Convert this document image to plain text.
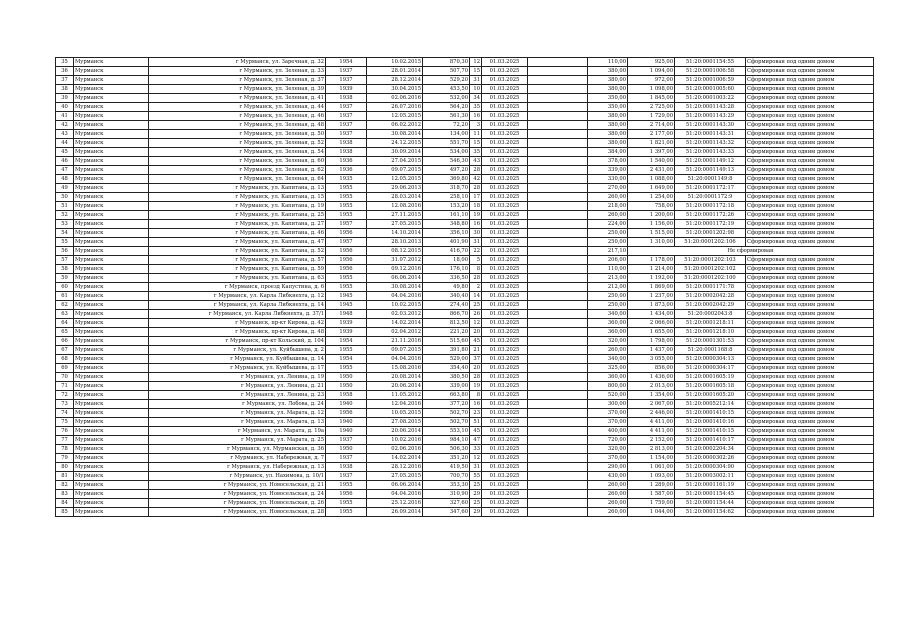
35	Мурманск	г Мурманск, ул. Заречная, д. 32	1954	10.02.2015	870,30	12	01.03.2025		110,00	925,00	51:20:0001154:55	Сформирован под одним домом
36	Мурманск	г Мурманск, ул. Зеленая, д. 33	1937	28.01.2014	507,70	15	01.03.2025		380,00	1 094,00	51:20:0001006:58	Сформирован под одним домом
37	Мурманск	г Мурманск, ул. Зеленая, д. 37	1937	28.12.2014	529,20	31	01.03.2025		380,00	972,00	51:20:0001006:59	Сформирован под одним домом
38	Мурманск	г Мурманск, ул. Зеленая, д. 39	1939	30.04.2015	453,50	10	01.03.2025		380,00	1 098,00	51:20:0001005:60	Сформирован под одним домом
39	Мурманск	г Мурманск, ул. Зеленая, д. 41	1938	02.06.2016	532,00	34	01.03.2025		350,00	1 845,00	51:20:0001003:22	Сформирован под одним домом
40	Мурманск	г Мурманск, ул. Зеленая, д. 44	1937	26.07.2016	564,20	35	01.03.2025		350,00	2 725,00	51:20:0001143:28	Сформирован под одним домом
41	Мурманск	г Мурманск, ул. Зеленая, д. 46	1937	12.05.2015	561,30	16	01.03.2025		380,00	1 729,00	51:20:0001143:29	Сформирован под одним домом
42	Мурманск	г Мурманск, ул. Зеленая, д. 48	1937	06.02.2012	72,20	3	01.03.2025		380,00	2 714,00	51:20:0001143:30	Сформирован под одним домом
43	Мурманск	г Мурманск, ул. Зеленая, д. 50	1937	30.08.2014	134,00	11	01.03.2025		380,00	2 177,00	51:20:0001143:31	Сформирован под одним домом
44	Мурманск	г Мурманск, ул. Зеленая, д. 52	1938	24.12.2015	551,70	15	01.03.2025		380,00	1 821,00	51:20:0001143:32	Сформирован под одним домом
45	Мурманск	г Мурманск, ул. Зеленая, д. 54	1938	30.09.2014	534,00	35	01.03.2025		384,00	1 397,00	51:20:0001143:33	Сформирован под одним домом
46	Мурманск	г Мурманск, ул. Зеленая, д. 60	1936	27.04.2015	546,30	43	01.03.2025		378,00	1 540,00	51:20:0001149:12	Сформирован под одним домом
47	Мурманск	г Мурманск, ул. Зеленая, д. 62	1936	09.07.2015	497,20	28	01.03.2025		339,00	2 431,00	51:20:0001149:13	Сформирован под одним домом
48	Мурманск	г Мурманск, ул. Зеленая, д. 64	1935	12.05.2015	369,80	42	01.03.2025		330,00	1 088,00	51:20:0001149:8	Сформирован под одним домом
49	Мурманск	г Мурманск, ул. Капитана, д. 13	1955	29.06.2013	318,70	28	01.03.2025		270,00	1 649,00	51:20:0001172:17	Сформирован под одним домом
50	Мурманск	г Мурманск, ул. Капитана, д. 15	1955	28.03.2014	258,10	17	01.03.2025		260,00	1 254,00	51:20:0001172:9	Сформирован под одним домом
51	Мурманск	г Мурманск, ул. Капитана, д. 19	1955	12.08.2016	153,20	18	01.03.2025		218,00	758,00	51:20:0001172:18	Сформирован под одним домом
52	Мурманск	г Мурманск, ул. Капитана, д. 25	1955	27.11.2015	161,10	19	01.03.2025		260,00	1 200,00	51:20:0001172:26	Сформирован под одним домом
53	Мурманск	г Мурманск, ул. Капитана, д. 27	1957	27.05.2015	348,80	16	01.03.2025		224,00	1 156,00	51:20:0001172:19	Сформирован под одним домом
54	Мурманск	г Мурманск, ул. Капитана, д. 46	1956	14.10.2014	356,10	30	01.03.2025		250,00	1 515,00	51:20:0001202:98	Сформирован под одним домом
55	Мурманск	г Мурманск, ул. Капитана, д. 47	1957	28.10.2013	401,90	31	01.03.2025		250,00	1 310,00	51:20:0001202:106	Сформирован под одним домом
56	Мурманск	г Мурманск, ул. Капитана, д. 52	1956	08.12.2015	416,70	22	01.03.2025		217,10	Не сформирован		
57	Мурманск	г Мурманск, ул. Капитана, д. 57	1956	31.07.2012	18,00	5	01.03.2025		206,00	1 178,00	51:20:0001202:103	Сформирован под одним домом
58	Мурманск	г Мурманск, ул. Капитана, д. 59	1956	09.12.2016	176,10	8	01.03.2025		110,00	1 214,00	51:20:0001202:102	Сформирован под одним домом
59	Мурманск	г Мурманск, ул. Капитана, д. 63	1955	06.06.2014	336,50	28	01.03.2025		213,00	1 192,00	51:20:0001202:100	Сформирован под одним домом
60	Мурманск	г Мурманск, проезд Капустина, д. 6	1955	30.08.2014	49,80	2	01.03.2025		212,00	1 869,00	51:20:0001171:78	Сформирован под одним домом
61	Мурманск	г Мурманск, ул. Карла Либкнехта, д. 12	1945	04.04.2016	340,40	14	01.03.2025		250,00	1 237,00	51:20:0002042:28	Сформирован под одним домом
62	Мурманск	г Мурманск, ул. Карла Либкнехта, д. 14	1945	10.02.2015	274,40	25	01.03.2025		250,00	1 873,00	51:20:0002042:29	Сформирован под одним домом
63	Мурманск	г Мурманск, ул. Карла Либкнехта, д. 37/1	1948	02.03.2012	866,70	26	01.03.2025		340,00	1 434,00	51:20:0002043:8	Сформирован под одним домом
64	Мурманск	г Мурманск, пр-кт Кирова, д. 42	1939	14.02.2014	812,50	12	01.03.2025		360,00	2 066,00	51:20:0001218:11	Сформирован под одним домом
65	Мурманск	г Мурманск, пр-кт Кирова, д. 48	1939	02.04.2012	221,20	20	01.03.2025		360,00	1 655,00	51:20:0001218:10	Сформирован под одним домом
66	Мурманск	г Мурманск, пр-кт Кольский, д. 104	1954	21.11.2016	515,60	45	01.03.2025		320,00	1 798,00	51:20:0001301:53	Сформирован под одним домом
67	Мурманск	г Мурманск, ул. Куйбышева, д. 2	1955	09.07.2015	391,80	21	01.03.2025		260,00	1 437,00	51:20:0001168:8	Сформирован под одним домом
68	Мурманск	г Мурманск, ул. Куйбышева, д. 14	1954	04.04.2016	529,00	37	01.03.2025		340,00	3 055,00	51:20:0000304:13	Сформирован под одним домом
69	Мурманск	г Мурманск, ул. Куйбышева, д. 17	1955	15.08.2016	354,40	20	01.03.2025		325,00	856,00	51:20:0000304:17	Сформирован под одним домом
70	Мурманск	г Мурманск, ул. Ленина, д. 19	1950	20.08.2014	380,50	28	01.03.2025		360,00	1 436,00	51:20:0001605:19	Сформирован под одним домом
71	Мурманск	г Мурманск, ул. Ленина, д. 21	1950	20.06.2014	339,00	19	01.03.2025		800,00	2 013,00	51:20:0001605:18	Сформирован под одним домом
72	Мурманск	г Мурманск, ул. Ленина, д. 23	1958	11.05.2012	663,80	8	01.03.2025		520,00	1 354,00	51:20:0001605:20	Сформирован под одним домом
73	Мурманск	г Мурманск, ул. Лобова, д. 24	1940	12.04.2016	377,20	16	01.03.2025		300,00	2 067,00	51:20:0005212:14	Сформирован под одним домом
74	Мурманск	г Мурманск, ул. Марата, д. 12	1956	10.05.2015	502,70	23	01.03.2025		370,00	2 446,00	51:20:0001410:15	Сформирован под одним домом
75	Мурманск	г Мурманск, ул. Марата, д. 13	1940	27.08.2015	502,70	51	01.03.2025		370,00	4 411,00	51:20:0001410:16	Сформирован под одним домом
76	Мурманск	г Мурманск, ул. Марата, д. 19а	1940	20.06.2014	553,10	45	01.03.2025		400,00	4 411,00	51:20:0001410:15	Сформирован под одним домом
77	Мурманск	г Мурманск, ул. Марата, д. 25	1937	10.02.2016	984,10	47	01.03.2025		720,00	2 152,00	51:20:0001410:17	Сформирован под одним домом
78	Мурманск	г Мурманск, ул. Мурманская, д. 36	1950	02.06.2016	506,30	33	01.03.2025		320,00	2 813,00	51:20:0002204:34	Сформирован под одним домом
79	Мурманск	г Мурманск, ул. Набережная, д. 7	1937	14.02.2014	351,20	12	01.03.2025		370,00	1 154,00	51:20:0000302:26	Сформирован под одним домом
80	Мурманск	г Мурманск, ул. Набережная, д. 13	1938	28.12.2016	419,50	31	01.03.2025		290,00	1 061,00	51:20:0000304:90	Сформирован под одним домом
81	Мурманск	г Мурманск, ул. Нахимова, д. 10/1	1937	27.05.2015	700,70	55	01.03.2025		430,00	1 093,00	51:20:0003002:11	Сформирован под одним домом
82	Мурманск	г Мурманск, ул. Новосельская, д. 21	1955	06.06.2014	353,30	25	01.03.2025		260,00	1 289,00	51:20:0001161:19	Сформирован под одним домом
83	Мурманск	г Мурманск, ул. Новосельская, д. 24	1956	04.04.2016	310,90	29	01.03.2025		260,00	1 587,00	51:20:0001154:45	Сформирован под одним домом
84	Мурманск	г Мурманск, ул. Новосельская, д. 26	1955	25.12.2016	327,60	25	01.03.2025		260,00	1 759,00	51:20:0001154:44	Сформирован под одним домом
85	Мурманск	г Мурманск, ул. Новосельская, д. 28	1955	26.09.2014	347,60	29	01.03.2025		260,00	1 044,00	51:20:0001154:62	Сформирован под одним домом
